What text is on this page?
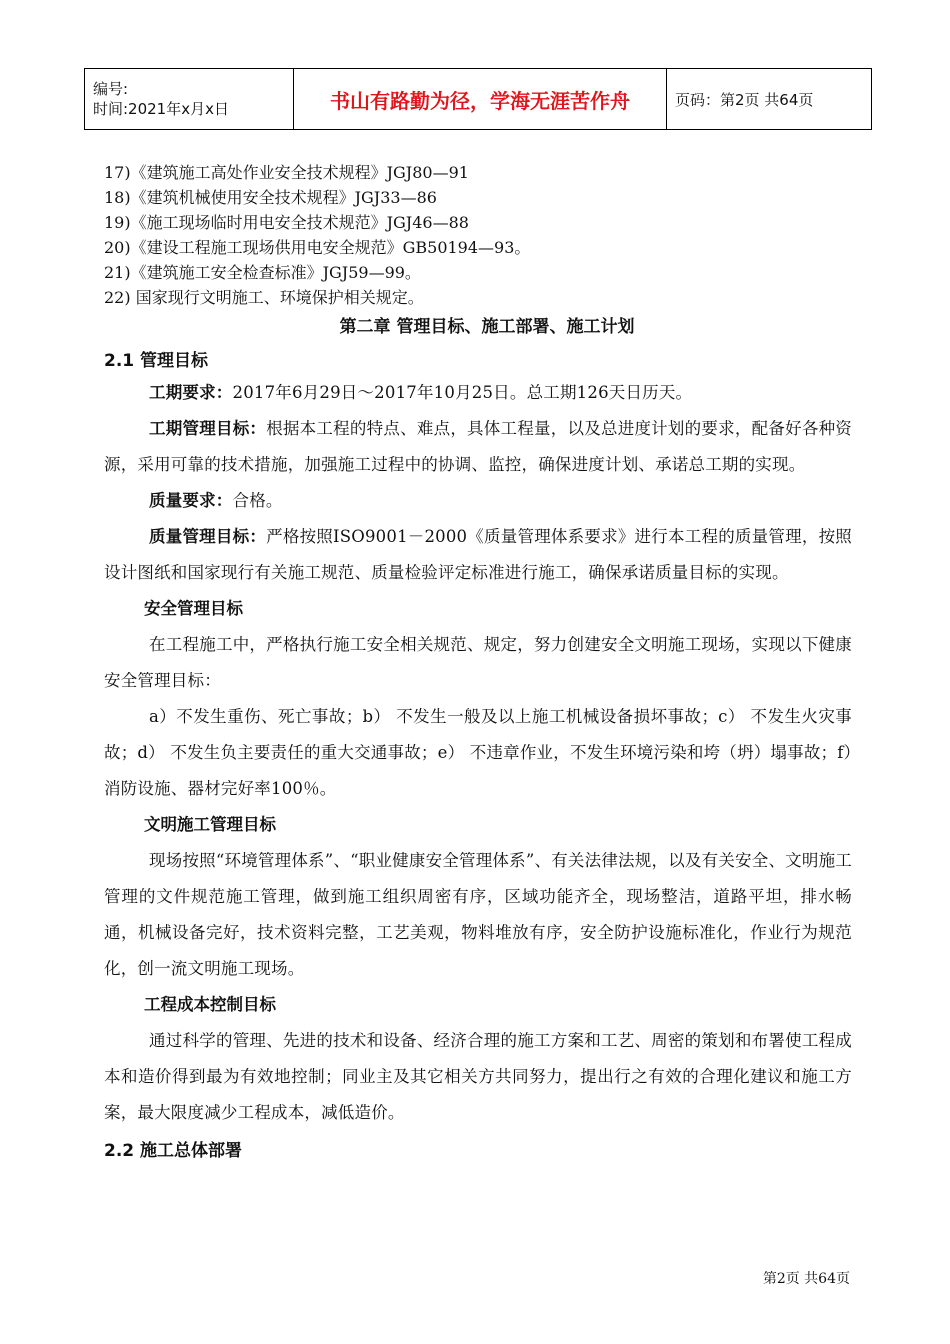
编号:
时间:2021年x月x日	书山有路勤为径，学海无涯苦作舟	页码：第2页 共64页
17)《建筑施工高处作业安全技术规程》JGJ80—91
18)《建筑机械使用安全技术规程》JGJ33—86
19)《施工现场临时用电安全技术规范》JGJ46—88
20)《建设工程施工现场供用电安全规范》GB50194—93。
21)《建筑施工安全检查标准》JGJ59—99。
22) 国家现行文明施工、环境保护相关规定。
第二章 管理目标、施工部署、施工计划
2.1 管理目标
工期要求：2017年6月29日～2017年10月25日。总工期126天日历天。
工期管理目标：根据本工程的特点、难点，具体工程量，以及总进度计划的要求，配备好各种资源，采用可靠的技术措施，加强施工过程中的协调、监控，确保进度计划、承诺总工期的实现。
质量要求：合格。
质量管理目标：严格按照ISO9001－2000《质量管理体系要求》进行本工程的质量管理，按照设计图纸和国家现行有关施工规范、质量检验评定标准进行施工，确保承诺质量目标的实现。
安全管理目标
在工程施工中，严格执行施工安全相关规范、规定，努力创建安全文明施工现场，实现以下健康安全管理目标：
a）不发生重伤、死亡事故；b） 不发生一般及以上施工机械设备损坏事故；c） 不发生火灾事故；d） 不发生负主要责任的重大交通事故；e） 不违章作业，不发生环境污染和垮（坍）塌事故；f）消防设施、器材完好率100％。
文明施工管理目标
现场按照“环境管理体系”、“职业健康安全管理体系”、有关法律法规，以及有关安全、文明施工管理的文件规范施工管理，做到施工组织周密有序，区域功能齐全，现场整洁，道路平坦，排水畅通，机械设备完好，技术资料完整，工艺美观，物料堆放有序，安全防护设施标准化，作业行为规范化，创一流文明施工现场。
工程成本控制目标
通过科学的管理、先进的技术和设备、经济合理的施工方案和工艺、周密的策划和布署使工程成本和造价得到最为有效地控制；同业主及其它相关方共同努力，提出行之有效的合理化建议和施工方案，最大限度减少工程成本，减低造价。
2.2 施工总体部署
第2页 共64页
